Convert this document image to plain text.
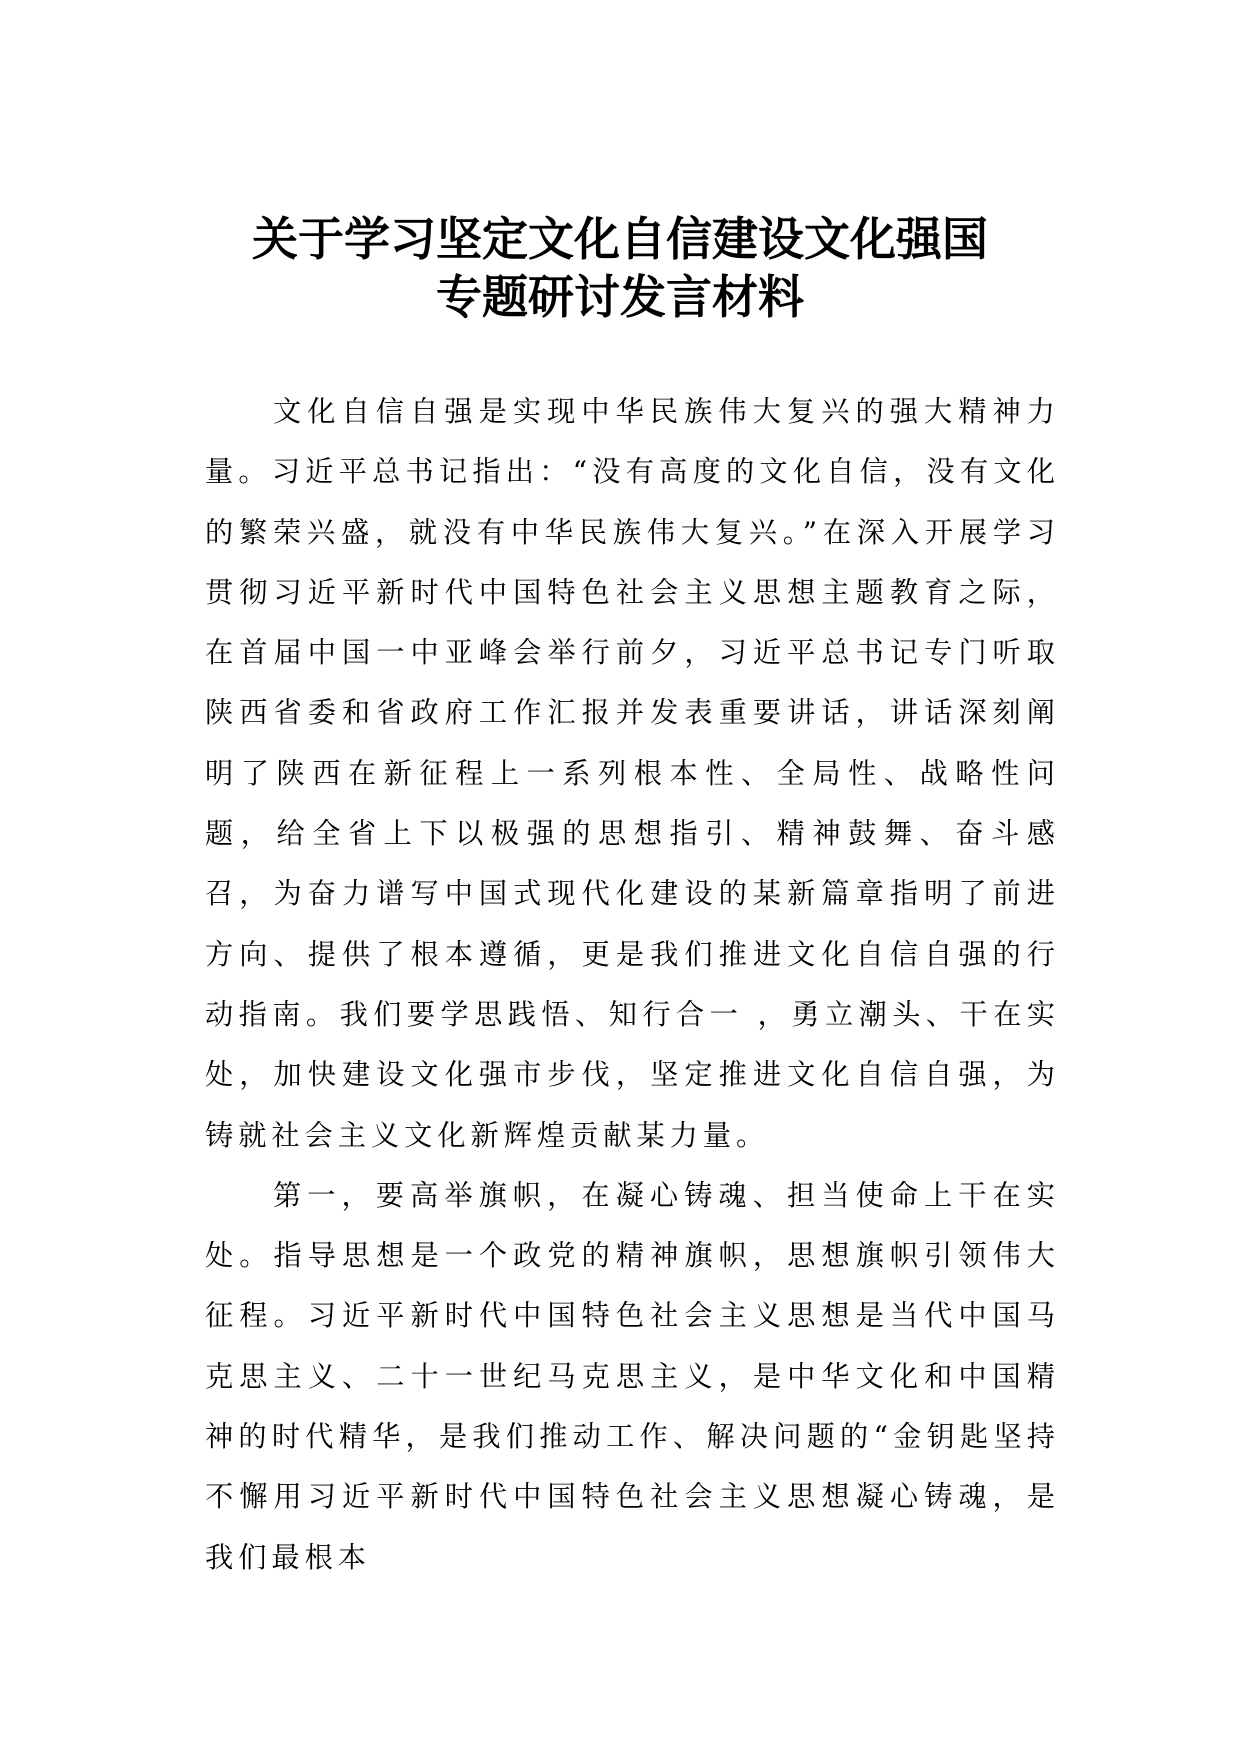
关于学习坚定文化自信建设文化强国
专题研讨发言材料

文化自信自强是实现中华民族伟大复兴的强大精神力量。习近平总书记指出：“没有高度的文化自信，没有文化的繁荣兴盛，就没有中华民族伟大复兴。”在深入开展学习贯彻习近平新时代中国特色社会主义思想主题教育之际，在首届中国一中亚峰会举行前夕，习近平总书记专门听取陕西省委和省政府工作汇报并发表重要讲话，讲话深刻阐明了陕西在新征程上一系列根本性、全局性、战略性问题，给全省上下以极强的思想指引、精神鼓舞、奋斗感召，为奋力谱写中国式现代化建设的某新篇章指明了前进方向、提供了根本遵循，更是我们推进文化自信自强的行动指南。我们要学思践悟、知行合一 ，勇立潮头、干在实处，加快建设文化强市步伐，坚定推进文化自信自强，为铸就社会主义文化新辉煌贡献某力量。

第一，要高举旗帜，在凝心铸魂、担当使命上干在实处。指导思想是一个政党的精神旗帜，思想旗帜引领伟大征程。习近平新时代中国特色社会主义思想是当代中国马克思主义、二十一世纪马克思主义，是中华文化和中国精神的时代精华，是我们推动工作、解决问题的“金钥匙坚持不懈用习近平新时代中国特色社会主义思想凝心铸魂，是我们最根本
